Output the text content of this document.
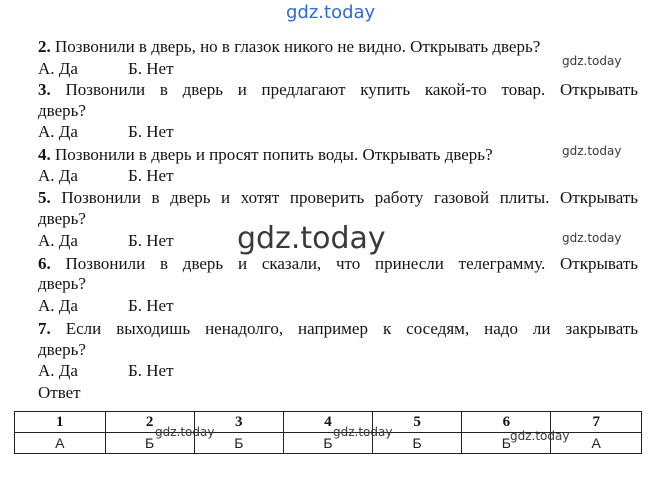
gdz.today
gdz.today
gdz.today
gdz.today
gdz.today
2. Позвонили в дверь, но в глазок никого не видно. Открывать дверь?
А. Да	Б. Нет
3. Позвонили в дверь и предлагают купить какой-то товар. Открывать
дверь?
А. Да	Б. Нет
4. Позвонили в дверь и просят попить воды. Открывать дверь?
А. Да	Б. Нет
5. Позвонили в дверь и хотят проверить работу газовой плиты. Открывать
дверь?
А. Да	Б. Нет
6. Позвонили в дверь и сказали, что принесли телеграмму. Открывать
дверь?
А. Да	Б. Нет
7. Если выходишь ненадолго, например к соседям, надо ли закрывать
дверь?
А. Да	Б. Нет
Ответ
1	2	3	4	5	6	7
А	Б	Б	Б	Б	Б	А
gdz.today	gdz.today	gdz.today
